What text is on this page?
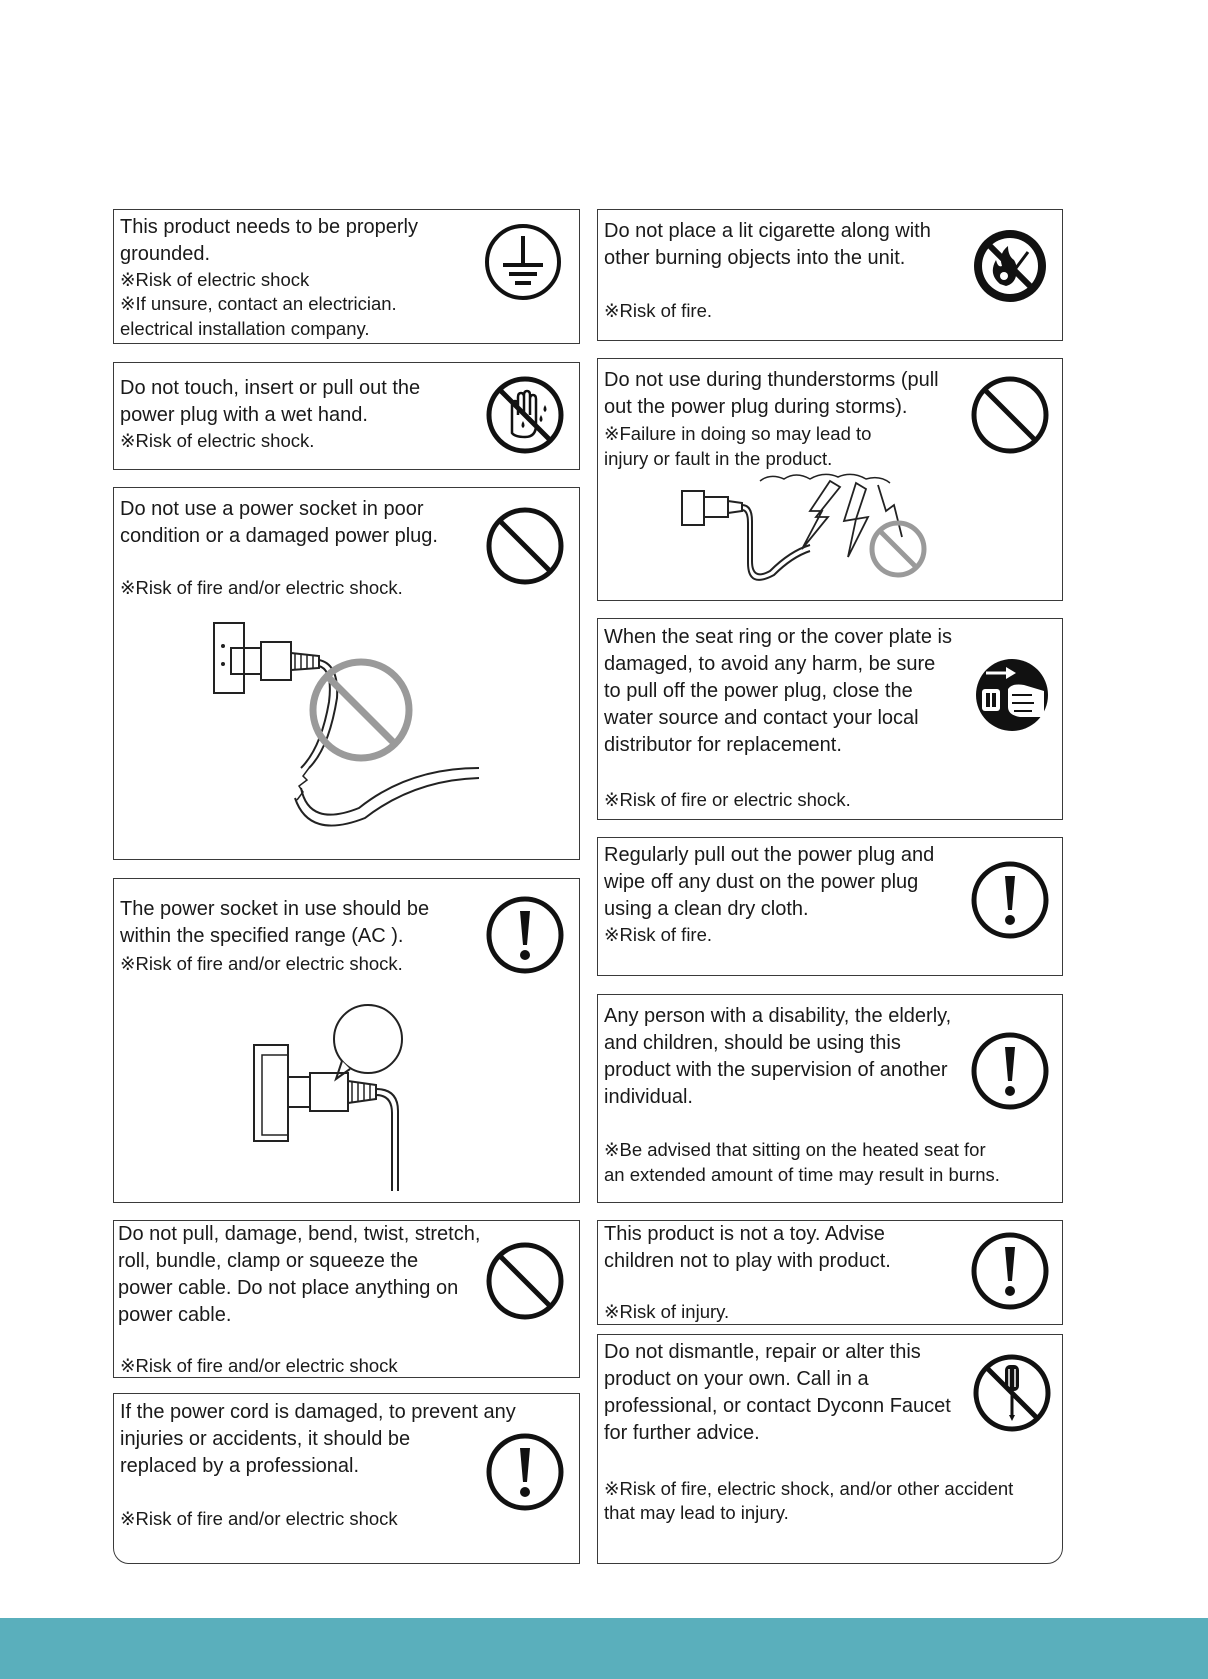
This product needs to be properly
grounded.
※Risk of electric shock
※If unsure, contact an electrician.
electrical installation company.
Do not touch, insert or pull out the
power plug with a wet hand.
※Risk of electric shock.
Do not use a power socket in poor
condition or a damaged power plug.
※Risk of fire and/or electric shock.
The power socket in use should be
within the specified range (AC ).
※Risk of fire and/or electric shock.
Do not pull, damage, bend, twist, stretch,
roll, bundle, clamp or squeeze the
power cable. Do not place anything on
power cable.
※Risk of fire and/or electric shock
If the power cord is damaged, to prevent any
injuries or accidents, it should be
replaced by a professional.
※Risk of fire and/or electric shock
Do not place a lit cigarette along with
other burning objects into the unit.
※Risk of fire.
Do not use during thunderstorms (pull
out the power plug during storms).
※Failure in doing so may lead to
injury or fault in the product.
When the seat ring or the cover plate is
damaged, to avoid any harm, be sure
to pull off the power plug, close the
water source and contact your local
distributor for replacement.
※Risk of fire or electric shock.
Regularly pull out the power plug and
wipe off any dust on the power plug
using a clean dry cloth.
※Risk of fire.
Any person with a disability, the elderly,
and children, should be using this
product with the supervision of another
individual.
※Be advised that sitting on the heated seat for
an extended amount of time may result in burns.
This product is not a toy. Advise
children not to play with product.
※Risk of injury.
Do not dismantle, repair or alter this
product on your own. Call in a
professional, or contact Dyconn Faucet
for further advice.
※Risk of fire, electric shock, and/or other accident
that may lead to injury.
